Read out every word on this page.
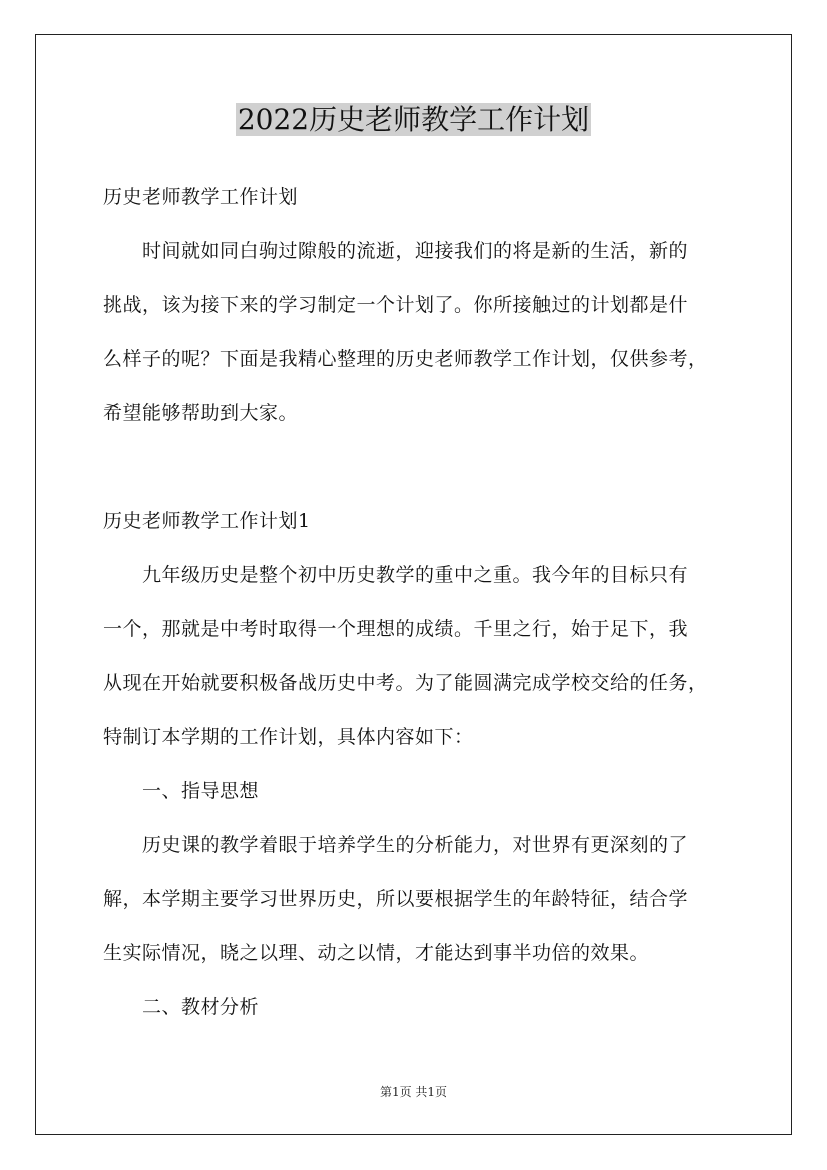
2022历史老师教学工作计划
历史老师教学工作计划
时间就如同白驹过隙般的流逝，迎接我们的将是新的生活，新的
挑战，该为接下来的学习制定一个计划了。你所接触过的计划都是什
么样子的呢？下面是我精心整理的历史老师教学工作计划，仅供参考，
希望能够帮助到大家。
历史老师教学工作计划1
九年级历史是整个初中历史教学的重中之重。我今年的目标只有
一个，那就是中考时取得一个理想的成绩。千里之行，始于足下，我
从现在开始就要积极备战历史中考。为了能圆满完成学校交给的任务，
特制订本学期的工作计划，具体内容如下：
一、指导思想
历史课的教学着眼于培养学生的分析能力，对世界有更深刻的了
解，本学期主要学习世界历史，所以要根据学生的年龄特征，结合学
生实际情况，晓之以理、动之以情，才能达到事半功倍的效果。
二、教材分析
第1页 共1页
